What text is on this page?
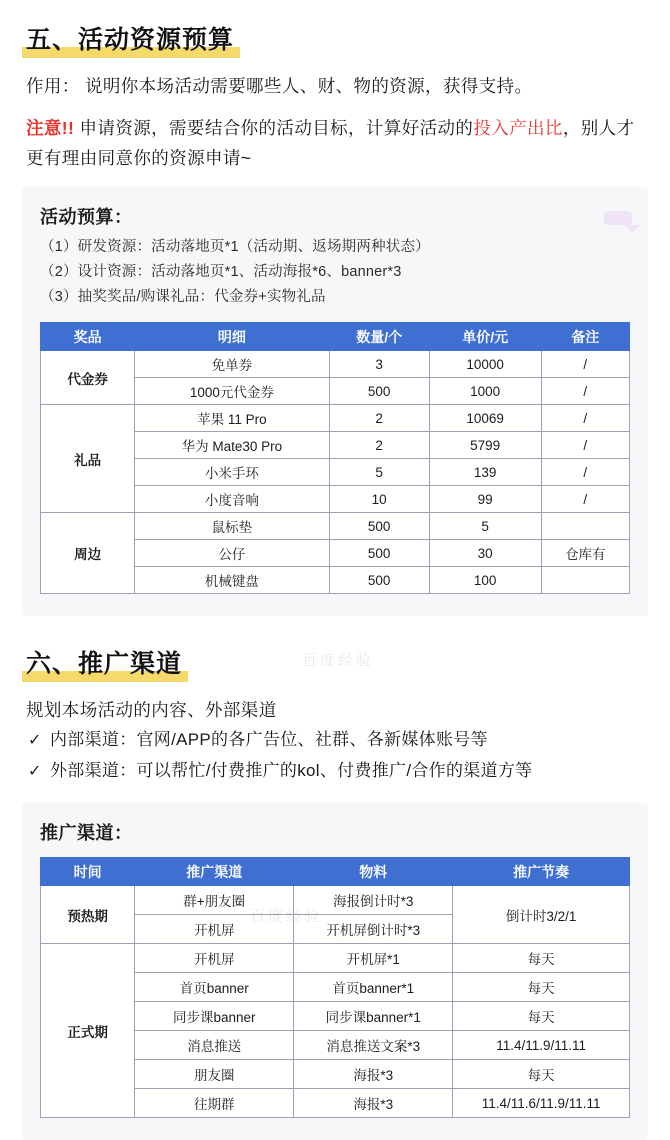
五、活动资源预算
作用： 说明你本场活动需要哪些人、财、物的资源，获得支持。
注意!! 申请资源，需要结合你的活动目标，计算好活动的投入产出比，别人才更有理由同意你的资源申请~
活动预算：
（1）研发资源：活动落地页*1（活动期、返场期两种状态）
（2）设计资源：活动落地页*1、活动海报*6、banner*3
（3）抽奖奖品/购课礼品：代金券+实物礼品
奖品	明细	数量/个	单价/元	备注
代金券	免单券	3	10000	/
	1000元代金券	500	1000	/
礼品	苹果 11 Pro	2	10069	/
	华为 Mate30 Pro	2	5799	/
	小米手环	5	139	/
	小度音响	10	99	/
周边	鼠标垫	500	5	
	公仔	500	30	仓库有
	机械键盘	500	100	
百度经验
六、推广渠道
规划本场活动的内容、外部渠道
✓ 内部渠道：官网/APP的各广告位、社群、各新媒体账号等
✓ 外部渠道：可以帮忙/付费推广的kol、付费推广/合作的渠道方等
推广渠道：
时间	推广渠道	物料	推广节奏
预热期	群+朋友圈	海报倒计时*3	倒计时3/2/1
	开机屏	开机屏倒计时*3	
正式期	开机屏	开机屏*1	每天
	首页banner	首页banner*1	每天
	同步课banner	同步课banner*1	每天
	消息推送	消息推送文案*3	11.4/11.9/11.11
	朋友圈	海报*3	每天
	往期群	海报*3	11.4/11.6/11.9/11.11
